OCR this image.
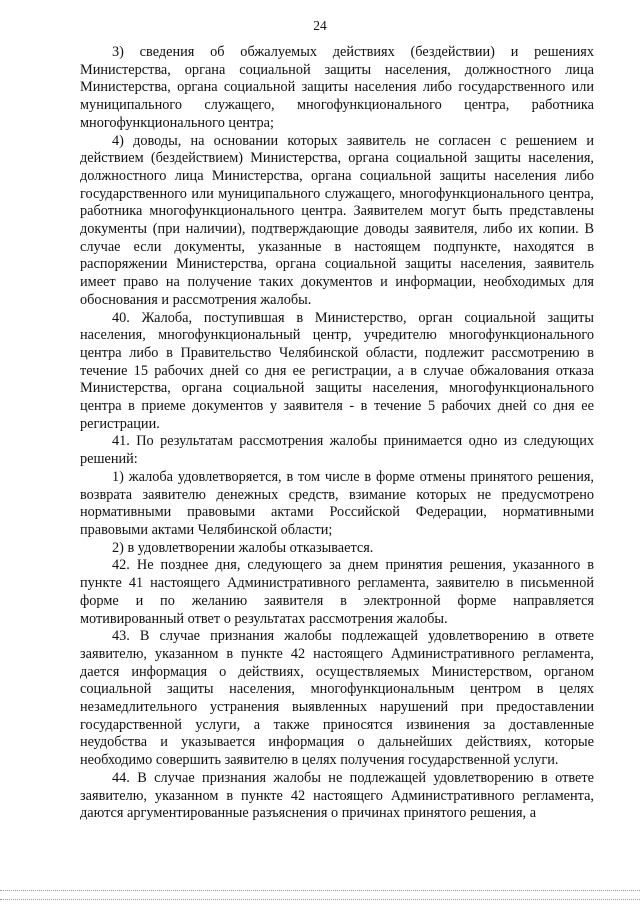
24

3) сведения об обжалуемых действиях (бездействии) и решениях Министерства, органа социальной защиты населения, должностного лица Министерства, органа социальной защиты населения либо государственного или муниципального служащего, многофункционального центра, работника многофункционального центра;

4) доводы, на основании которых заявитель не согласен с решением и действием (бездействием) Министерства, органа социальной защиты населения, должностного лица Министерства, органа социальной защиты населения либо государственного или муниципального служащего, многофункционального центра, работника многофункционального центра. Заявителем могут быть представлены документы (при наличии), подтверждающие доводы заявителя, либо их копии. В случае если документы, указанные в настоящем подпункте, находятся в распоряжении Министерства, органа социальной защиты населения, заявитель имеет право на получение таких документов и информации, необходимых для обоснования и рассмотрения жалобы.

40. Жалоба, поступившая в Министерство, орган социальной защиты населения, многофункциональный центр, учредителю многофункционального центра либо в Правительство Челябинской области, подлежит рассмотрению в течение 15 рабочих дней со дня ее регистрации, а в случае обжалования отказа Министерства, органа социальной защиты населения, многофункционального центра в приеме документов у заявителя - в течение 5 рабочих дней со дня ее регистрации.

41. По результатам рассмотрения жалобы принимается одно из следующих решений:

1) жалоба удовлетворяется, в том числе в форме отмены принятого решения, возврата заявителю денежных средств, взимание которых не предусмотрено нормативными правовыми актами Российской Федерации, нормативными правовыми актами Челябинской области;

2) в удовлетворении жалобы отказывается.

42. Не позднее дня, следующего за днем принятия решения, указанного в пункте 41 настоящего Административного регламента, заявителю в письменной форме и по желанию заявителя в электронной форме направляется мотивированный ответ о результатах рассмотрения жалобы.

43. В случае признания жалобы подлежащей удовлетворению в ответе заявителю, указанном в пункте 42 настоящего Административного регламента, дается информация о действиях, осуществляемых Министерством, органом социальной защиты населения, многофункциональным центром в целях незамедлительного устранения выявленных нарушений при предоставлении государственной услуги, а также приносятся извинения за доставленные неудобства и указывается информация о дальнейших действиях, которые необходимо совершить заявителю в целях получения государственной услуги.

44. В случае признания жалобы не подлежащей удовлетворению в ответе заявителю, указанном в пункте 42 настоящего Административного регламента, даются аргументированные разъяснения о причинах принятого решения, а
